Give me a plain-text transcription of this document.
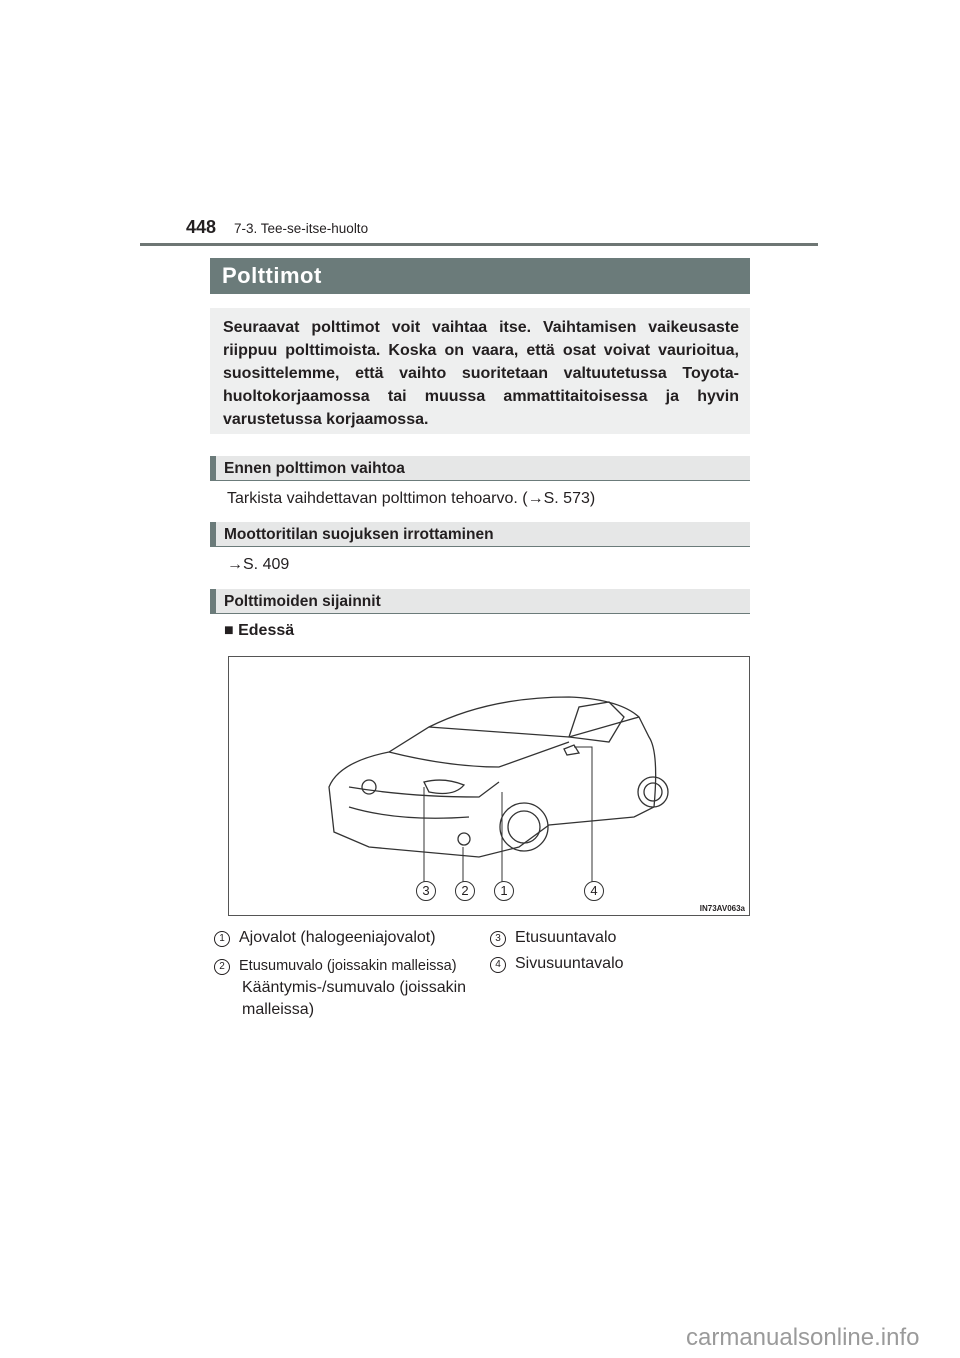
448 7-3. Tee-se-itse-huolto
Polttimot
Seuraavat polttimot voit vaihtaa itse. Vaihtamisen vaikeusaste riippuu polttimoista. Koska on vaara, että osat voivat vaurioitua, suosittelemme, että vaihto suoritetaan valtuutetussa Toyota-huoltokorjaamossa tai muussa ammattitaitoisessa ja hyvin varustetussa korjaamossa.
Ennen polttimon vaihtoa
Tarkista vaihdettavan polttimon tehoarvo. (→S. 573)
Moottoritilan suojuksen irrottaminen
→S. 409
Polttimoiden sijainnit
■ Edessä
3	2	1	4
IN73AV063a
1 Ajovalot (halogeeniajovalot)
2 Etusumuvalo (joissakin malleissa)
Kääntymis-/sumuvalo (joissakin malleissa)
3 Etusuuntavalo
4 Sivusuuntavalo
carmanualsonline.info
